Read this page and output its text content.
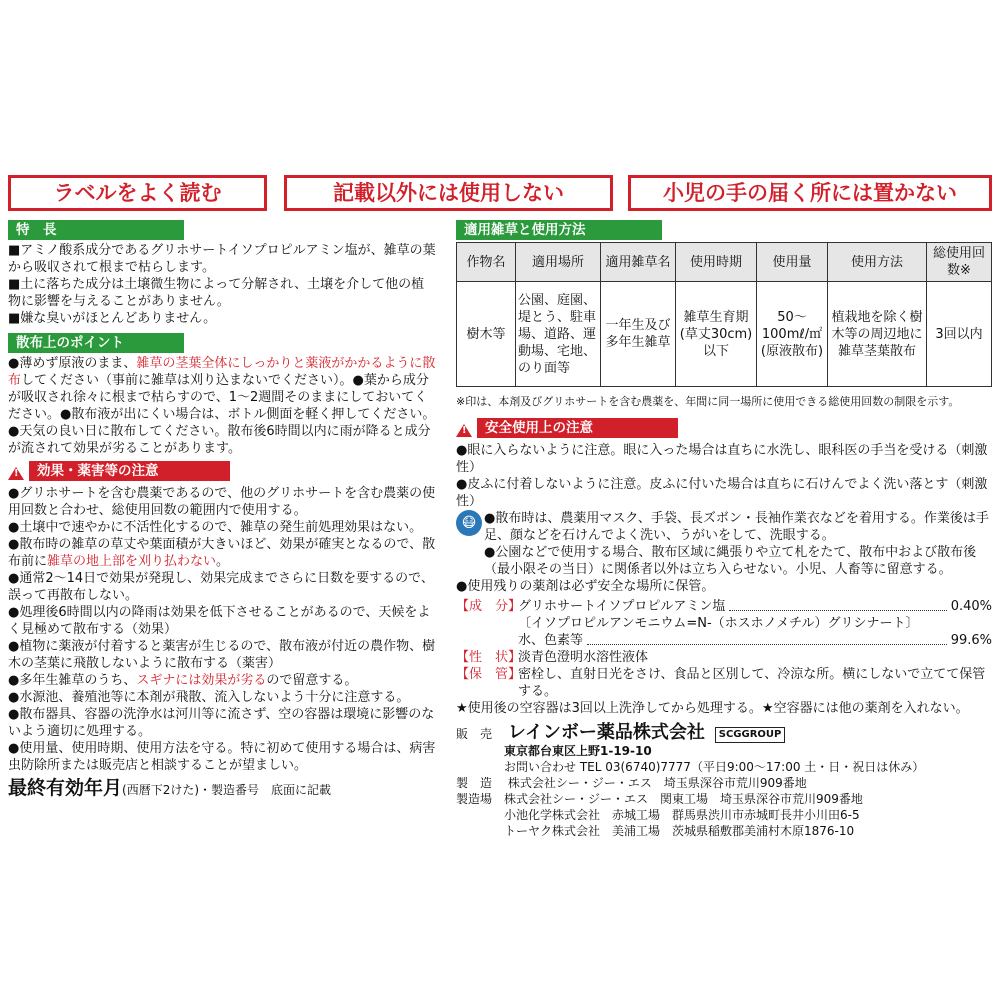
ラベルをよく読む	記載以外には使用しない	小児の手の届く所には置かない
特　長

■アミノ酸系成分であるグリホサートイソプロピルアミン塩が、雑草の葉から吸収されて根まで枯らします。

■土に落ちた成分は土壌微生物によって分解され、土壌を介して他の植物に影響を与えることがありません。

■嫌な臭いがほとんどありません。

散布上のポイント

●薄めず原液のまま、雑草の茎葉全体にしっかりと薬液がかかるように散布してください（事前に雑草は刈り込まないでください）。●葉から成分が吸収され徐々に根まで枯らすので、1〜2週間そのままにしておいてください。●散布液が出にくい場合は、ボトル側面を軽く押してください。●天気の良い日に散布してください。散布後6時間以内に雨が降ると成分が流されて効果が劣ることがあります。

!
効果・薬害等の注意

●グリホサートを含む農薬であるので、他のグリホサートを含む農薬の使用回数と合わせ、総使用回数の範囲内で使用する。

●土壌中で速やかに不活性化するので、雑草の発生前処理効果はない。

●散布時の雑草の草丈や葉面積が大きいほど、効果が確実となるので、散布前に雑草の地上部を刈り払わない。

●通常2〜14日で効果が発現し、効果完成までさらに日数を要するので、誤って再散布しない。

●処理後6時間以内の降雨は効果を低下させることがあるので、天候をよく見極めて散布する（効果）

●植物に薬液が付着すると薬害が生じるので、散布液が付近の農作物、樹木の茎葉に飛散しないように散布する（薬害）

●多年生雑草のうち、スギナには効果が劣るので留意する。

●水源池、養殖池等に本剤が飛散、流入しないよう十分に注意する。

●散布器具、容器の洗浄水は河川等に流さず、空の容器は環境に影響のないよう適切に処理する。

●使用量、使用時期、使用方法を守る。特に初めて使用する場合は、病害虫防除所または販売店と相談することが望ましい。

最終有効年月(西暦下2けた)・製造番号　底面に記載

適用雑草と使用方法
作物名	適用場所	適用雑草名	使用時期	使用量	使用方法	総使用回数※
樹木等	公園、庭園、堤とう、駐車場、道路、運動場、宅地、のり面等	一年生及び多年生雑草	雑草生育期(草丈30cm)以下	50〜100mℓ/㎡(原液散布)	植栽地を除く樹木等の周辺地に雑草茎葉散布	3回以内

※印は、本剤及びグリホサートを含む農薬を、年間に同一場所に使用できる総使用回数の制限を示す。

!
安全使用上の注意

●眼に入らないように注意。眼に入った場合は直ちに水洗し、眼科医の手当を受ける（刺激性）

●皮ふに付着しないように注意。皮ふに付いた場合は直ちに石けんでよく洗い落とす（刺激性）

😷 ●散布時は、農薬用マスク、手袋、長ズボン・長袖作業衣などを着用する。作業後は手足、顔などを石けんでよく洗い、うがいをして、洗眼する。

●公園などで使用する場合、散布区域に縄張りや立て札をたて、散布中および散布後（最小限その当日）に関係者以外は立ち入らせない。小児、人畜等に留意する。

●使用残りの薬剤は必ず安全な場所に保管。

【成　分】
グリホサートイソプロピルアミン塩	0.40%
〔イソプロピルアンモニウム=N-（ホスホノメチル）グリシナート〕
水、色素等	99.6%
【性　状】
淡青色澄明水溶性液体
【保　管】
密栓し、直射日光をさけ、食品と区別して、冷涼な所。横にしないで立てて保管する。

★使用後の空容器は3回以上洗浄してから処理する。★空容器には他の薬剤を入れない。

販　売 レインボー薬品株式会社 SCGGROUP
東京都台東区上野1-19-10
お問い合わせ TEL 03(6740)7777（平日9:00〜17:00 土・日・祝日は休み）
製　造 株式会社シー・ジー・エス　埼玉県深谷市荒川909番地
製造場 株式会社シー・ジー・エス　関東工場　埼玉県深谷市荒川909番地
小池化学株式会社　赤城工場　群馬県渋川市赤城町長井小川田6-5
トーヤク株式会社　美浦工場　茨城県稲敷郡美浦村木原1876-10
